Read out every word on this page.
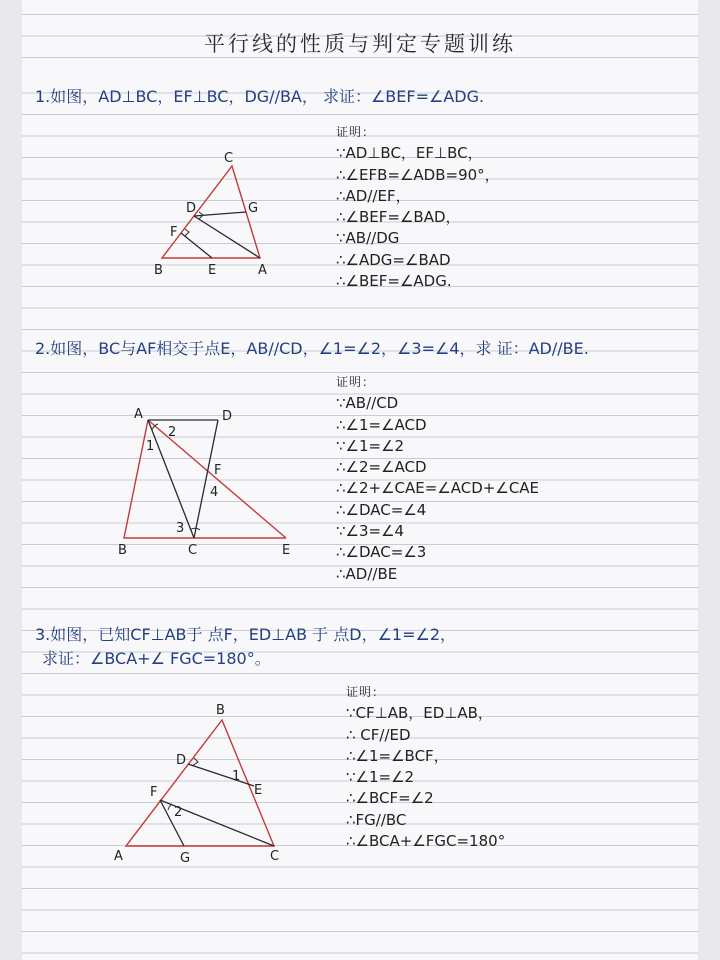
平行线的性质与判定专题训练
1.如图，AD⊥BC，EF⊥BC，DG//BA， 求证：∠BEF=∠ADG.
C
D	G
F
B	E	A
证明：
∵AD⊥BC，EF⊥BC，
∴∠EFB=∠ADB=90°，
∴AD//EF，
∴∠BEF=∠BAD，
∵AB//DG
∴∠ADG=∠BAD
∴∠BEF=∠ADG.
2.如图，BC与AF相交于点E，AB//CD，∠1=∠2，∠3=∠4，求 证：AD//BE.
A	D
B	C	E
F
1
2
3
4
证明：
∵AB//CD
∴∠1=∠ACD
∵∠1=∠2
∴∠2=∠ACD
∴∠2+∠CAE=∠ACD+∠CAE
∴∠DAC=∠4
∵∠3=∠4
∴∠DAC=∠3
∴AD//BE
3.如图，已知CF⊥AB于 点F，ED⊥AB 于 点D，∠1=∠2，
求证：∠BCA+∠ FGC=180°。
B
D
E
F
A	G	C
1
2
证明：
∵CF⊥AB，ED⊥AB，
∴ CF//ED
∴∠1=∠BCF，
∵∠1=∠2
∴∠BCF=∠2
∴FG//BC
∴∠BCA+∠FGC=180°
